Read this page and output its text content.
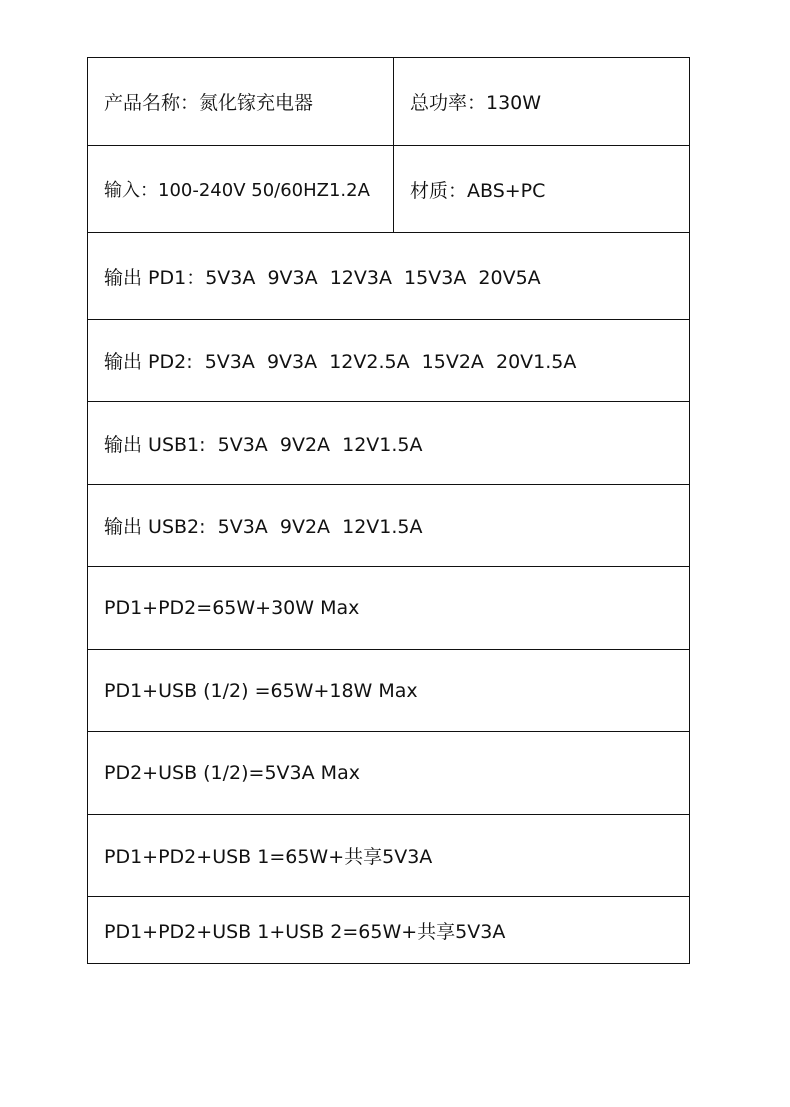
产品名称：氮化镓充电器	总功率：130W
输入：100-240V 50/60HZ1.2A 材质：ABS+PC
输出 PD1：5V3A  9V3A  12V3A  15V3A  20V5A
输出 PD2:  5V3A  9V3A  12V2.5A  15V2A  20V1.5A
输出 USB1:  5V3A  9V2A  12V1.5A
输出 USB2:  5V3A  9V2A  12V1.5A
PD1+PD2=65W+30W Max
PD1+USB (1/2) =65W+18W Max
PD2+USB (1/2)=5V3A Max
PD1+PD2+USB 1=65W+共享5V3A
PD1+PD2+USB 1+USB 2=65W+共享5V3A
